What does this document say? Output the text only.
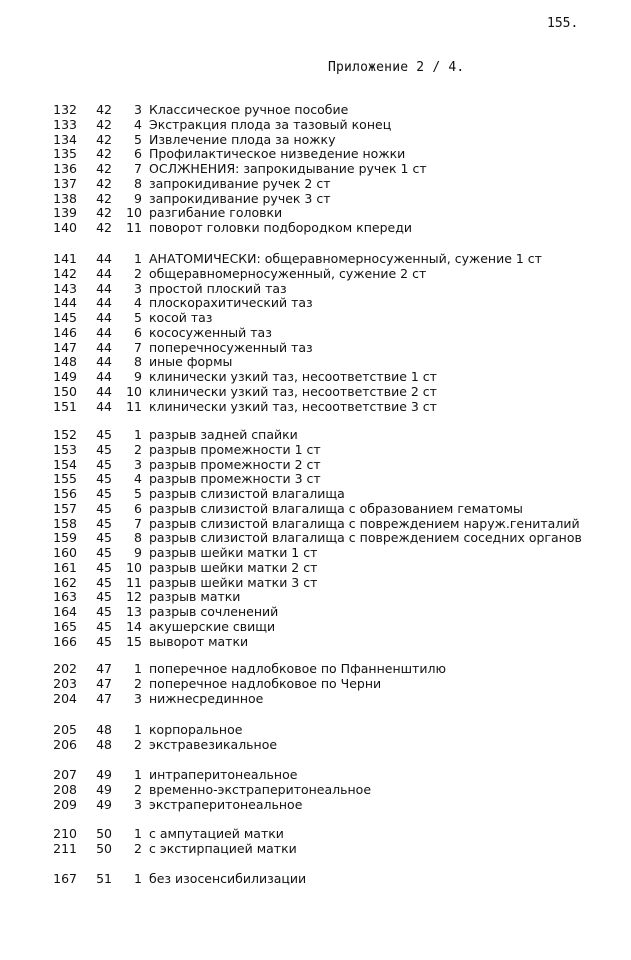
155.
Приложение 2 / 4.
132	42	3 Классическое ручное пособие
133	42	4 Экстракция плода за тазовый конец
134	42	5 Извлечение плода за ножку
135	42	6 Профилактическое низведение ножки
136	42	7 ОСЛЖНЕНИЯ: запрокидывание ручек 1 ст
137	42	8 запрокидивание ручек 2 ст
138	42	9 запрокидивание ручек 3 ст
139	42	10 разгибание головки
140	42	11 поворот головки подбородком кпереди
141	44	1 АНАТОМИЧЕСКИ: общеравномерносуженный, сужение 1 ст
142	44	2 общеравномерносуженный, сужение 2 ст
143	44	3 простой плоский таз
144	44	4 плоскорахитический таз
145	44	5 косой таз
146	44	6 кососуженный таз
147	44	7 поперечносуженный таз
148	44	8 иные формы
149	44	9 клинически узкий таз, несоответствие 1 ст
150	44	10 клинически узкий таз, несоответствие 2 ст
151	44	11 клинически узкий таз, несоответствие 3 ст
152	45	1 разрыв задней спайки
153	45	2 разрыв промежности 1 ст
154	45	3 разрыв промежности 2 ст
155	45	4 разрыв промежности 3 ст
156	45	5 разрыв слизистой влагалища
157	45	6 разрыв слизистой влагалища с образованием гематомы
158	45	7 разрыв слизистой влагалища с повреждением наруж.гениталий
159	45	8 разрыв слизистой влагалища с повреждением соседних органов
160	45	9 разрыв шейки матки 1 ст
161	45	10 разрыв шейки матки 2 ст
162	45	11 разрыв шейки матки 3 ст
163	45	12 разрыв матки
164	45	13 разрыв сочленений
165	45	14 акушерские свищи
166	45	15 выворот матки
202	47	1 поперечное надлобковое по Пфанненштилю
203	47	2 поперечное надлобковое по Черни
204	47	3 нижнесрединное
205	48	1 корпоральное
206	48	2 экстравезикальное
207	49	1 интраперитонеальное
208	49	2 временно-экстраперитонеальное
209	49	3 экстраперитонеальное
210	50	1 с ампутацией матки
211	50	2 с экстирпацией матки
167	51	1 без изосенсибилизации
